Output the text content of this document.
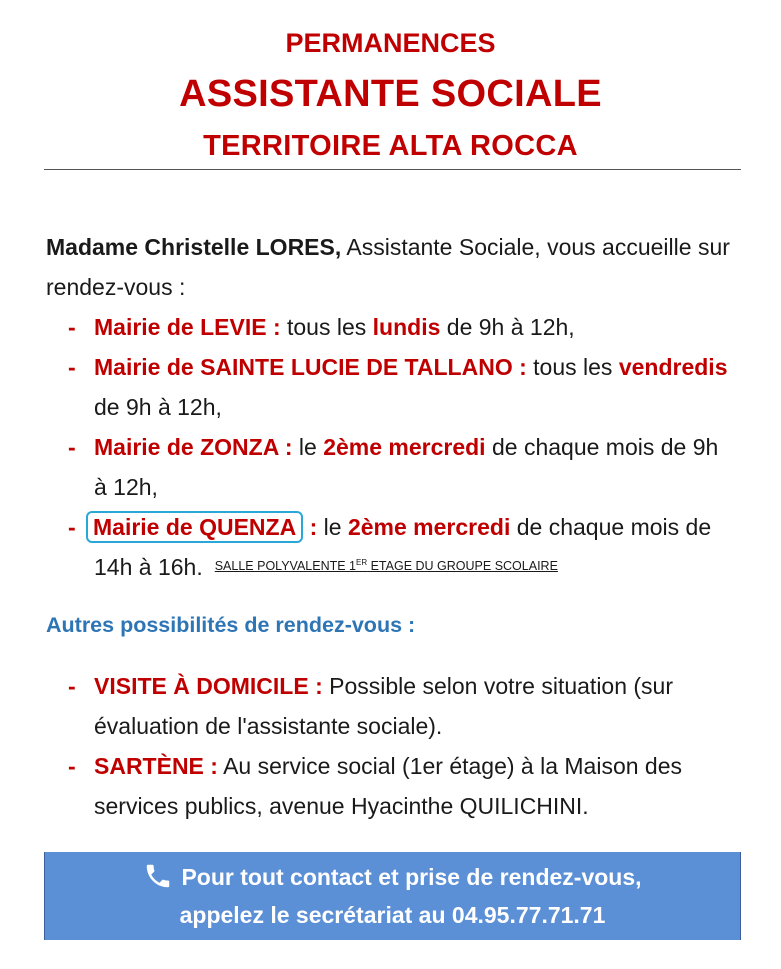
PERMANENCES
ASSISTANTE SOCIALE
TERRITOIRE ALTA ROCCA
Madame Christelle LORES, Assistante Sociale, vous accueille sur rendez-vous :
- Mairie de LEVIE : tous les lundis de 9h à 12h,
- Mairie de SAINTE LUCIE DE TALLANO : tous les vendredis de 9h à 12h,
- Mairie de ZONZA : le 2ème mercredi de chaque mois de 9h à 12h,
- Mairie de QUENZA : le 2ème mercredi de chaque mois de 14h à 16h. $^{SALLE POLYVALENTE 1^{ER} ETAGE DU GROUPE SCOLAIRE}$
Autres possibilités de rendez-vous :
- VISITE À DOMICILE : Possible selon votre situation (sur évaluation de l'assistante sociale).
- SARTÈNE : Au service social (1er étage) à la Maison des services publics, avenue Hyacinthe QUILICHINI.
Pour tout contact et prise de rendez-vous,
appelez le secrétariat au 04.95.77.71.71
